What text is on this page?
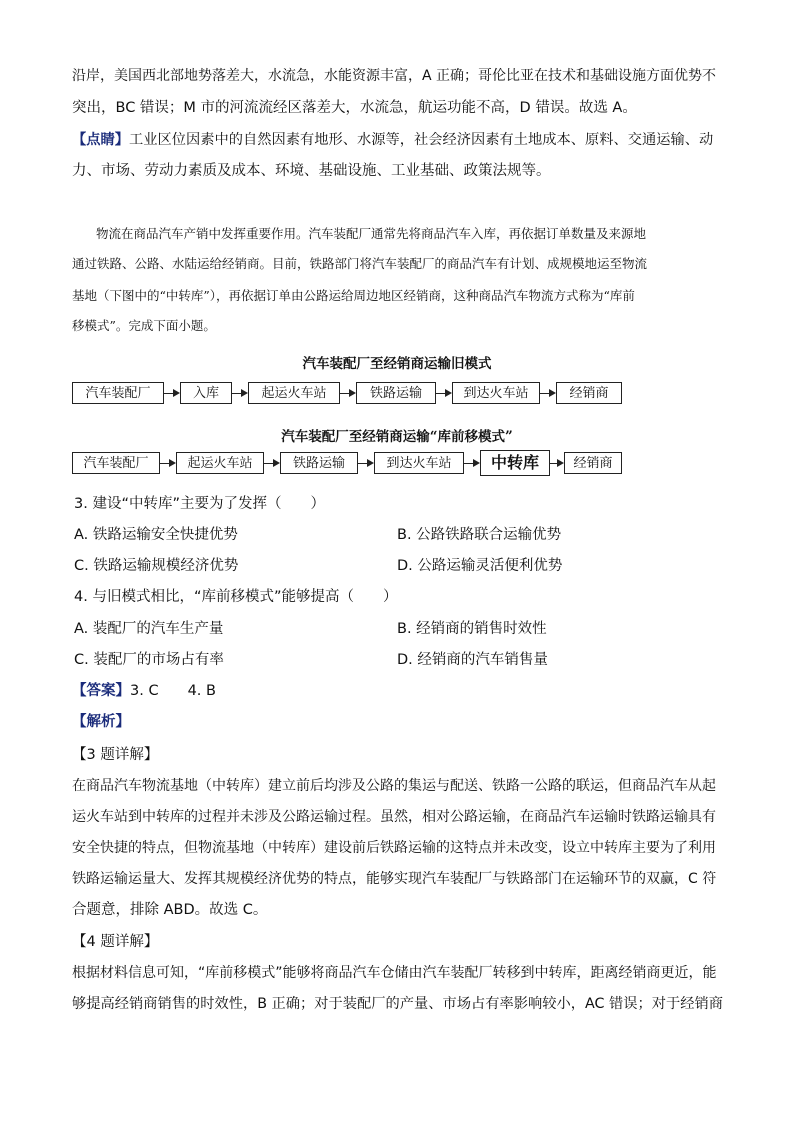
沿岸，美国西北部地势落差大，水流急，水能资源丰富，A 正确；哥伦比亚在技术和基础设施方面优势不
突出，BC 错误；M 市的河流流经区落差大，水流急，航运功能不高，D 错误。故选 A。
【点睛】工业区位因素中的自然因素有地形、水源等，社会经济因素有土地成本、原料、交通运输、动
力、市场、劳动力素质及成本、环境、基础设施、工业基础、政策法规等。
物流在商品汽车产销中发挥重要作用。汽车装配厂通常先将商品汽车入库，再依据订单数量及来源地
通过铁路、公路、水陆运给经销商。目前，铁路部门将汽车装配厂的商品汽车有计划、成规模地运至物流
基地（下图中的“中转库”），再依据订单由公路运给周边地区经销商，这种商品汽车物流方式称为“库前
移模式”。完成下面小题。
汽车装配厂至经销商运输旧模式
汽车装配厂	入库	起运火车站	铁路运输	到达火车站	经销商
汽车装配厂至经销商运输“库前移模式”
汽车装配厂	起运火车站	铁路运输	到达火车站	中转库	经销商
3. 建设“中转库”主要为了发挥（　　）
A. 铁路运输安全快捷优势	B. 公路铁路联合运输优势
C. 铁路运输规模经济优势	D. 公路运输灵活便利优势
4. 与旧模式相比，“库前移模式”能够提高（　　）
A. 装配厂的汽车生产量	B. 经销商的销售时效性
C. 装配厂的市场占有率	D. 经销商的汽车销售量
【答案】3. C　　4. B
【解析】
【3 题详解】
在商品汽车物流基地（中转库）建立前后均涉及公路的集运与配送、铁路一公路的联运，但商品汽车从起
运火车站到中转库的过程并未涉及公路运输过程。虽然，相对公路运输，在商品汽车运输时铁路运输具有
安全快捷的特点，但物流基地（中转库）建设前后铁路运输的这特点并未改变，设立中转库主要为了利用
铁路运输运量大、发挥其规模经济优势的特点，能够实现汽车装配厂与铁路部门在运输环节的双赢，C 符
合题意，排除 ABD。故选 C。
【4 题详解】
根据材料信息可知，“库前移模式”能够将商品汽车仓储由汽车装配厂转移到中转库，距离经销商更近，能
够提高经销商销售的时效性，B 正确；对于装配厂的产量、市场占有率影响较小，AC 错误；对于经销商
